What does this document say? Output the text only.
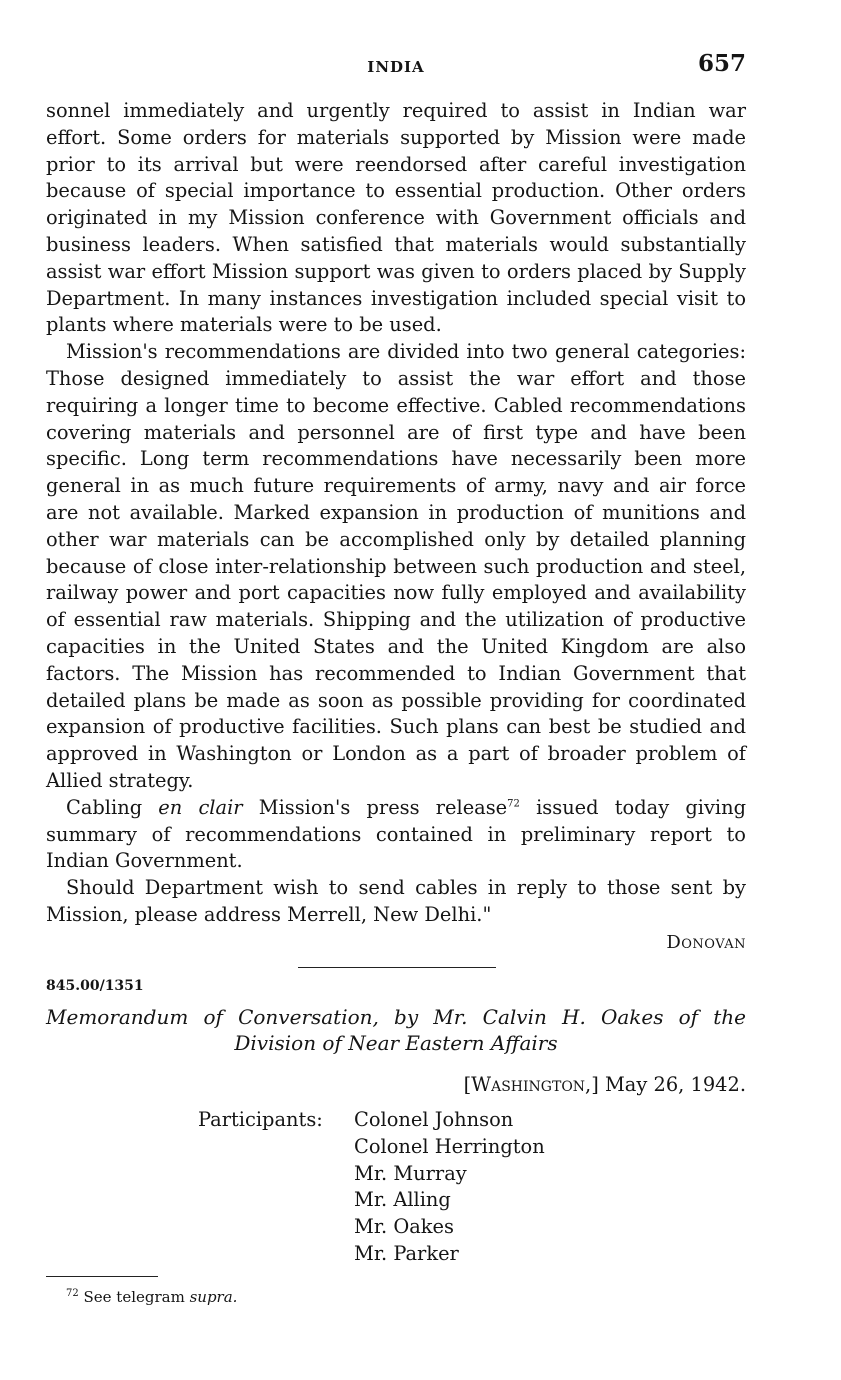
INDIA	657

sonnel immediately and urgently required to assist in Indian war effort. Some orders for materials supported by Mission were made prior to its arrival but were reendorsed after careful investigation because of special importance to essential production. Other orders originated in my Mission conference with Government officials and business leaders. When satisfied that materials would substantially assist war effort Mission support was given to orders placed by Supply Department. In many instances investigation included special visit to plants where materials were to be used.

Mission's recommendations are divided into two general categories: Those designed immediately to assist the war effort and those requiring a longer time to become effective. Cabled recommendations covering materials and personnel are of first type and have been specific. Long term recommendations have necessarily been more general in as much future requirements of army, navy and air force are not available. Marked expansion in production of munitions and other war materials can be accomplished only by detailed planning because of close inter-relationship between such production and steel, railway power and port capacities now fully employed and availability of essential raw materials. Shipping and the utilization of productive capacities in the United States and the United Kingdom are also factors. The Mission has recommended to Indian Government that detailed plans be made as soon as possible providing for coordinated expansion of productive facilities. Such plans can best be studied and approved in Washington or London as a part of broader problem of Allied strategy.

Cabling en clair Mission's press release$^{72}$ issued today giving summary of recommendations contained in preliminary report to Indian Government.

Should Department wish to send cables in reply to those sent by Mission, please address Merrell, New Delhi."

Donovan
845.00/1351
Memorandum of Conversation, by Mr. Calvin H. Oakes of the
Division of Near Eastern Affairs
[Washington,] May 26, 1942.
Participants: Colonel Johnson
Colonel Herrington
Mr. Murray
Mr. Alling
Mr. Oakes
Mr. Parker
$^{72}$ See telegram supra.
